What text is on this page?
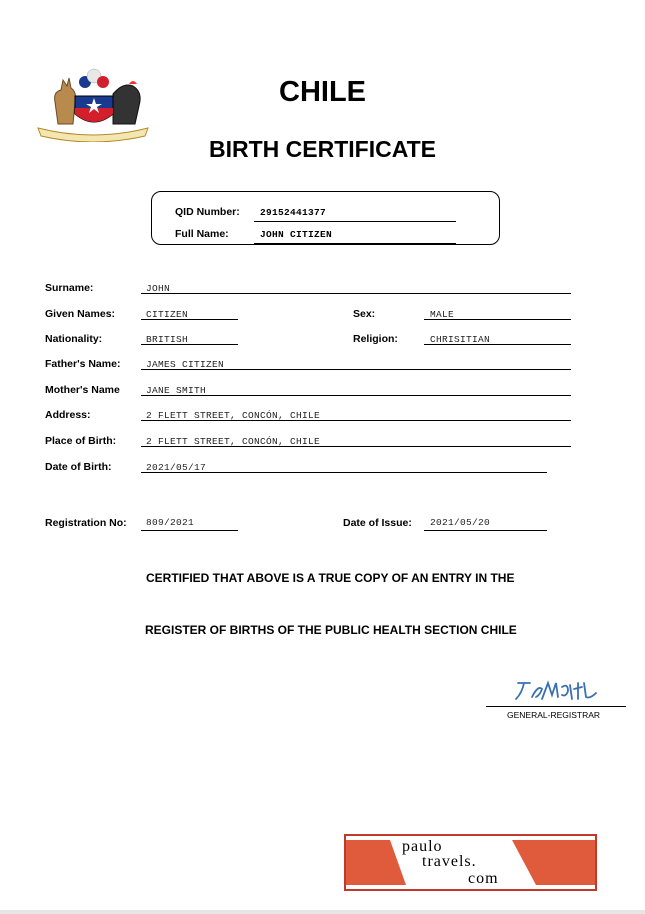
CHILE
BIRTH CERTIFICATE
QID Number: 29152441377
Full Name:	JOHN CITIZEN
Surname:	JOHN
Given Names:	CITIZEN	Sex:	MALE
Nationality:	BRITISH	Religion:	CHRISITIAN
Father's Name:	JAMES CITIZEN
Mother's Name	JANE SMITH
Address:	2 FLETT STREET, CONCÓN, CHILE
Place of Birth:	2 FLETT STREET, CONCÓN, CHILE
Date of Birth:	2021/05/17
Registration No: 809/2021	Date of Issue: 2021/05/20
CERTIFIED THAT ABOVE IS A TRUE COPY OF AN ENTRY IN THE
REGISTER OF BIRTHS OF THE PUBLIC HEALTH SECTION CHILE
GENERAL-REGISTRAR
paulo
travels.
com
